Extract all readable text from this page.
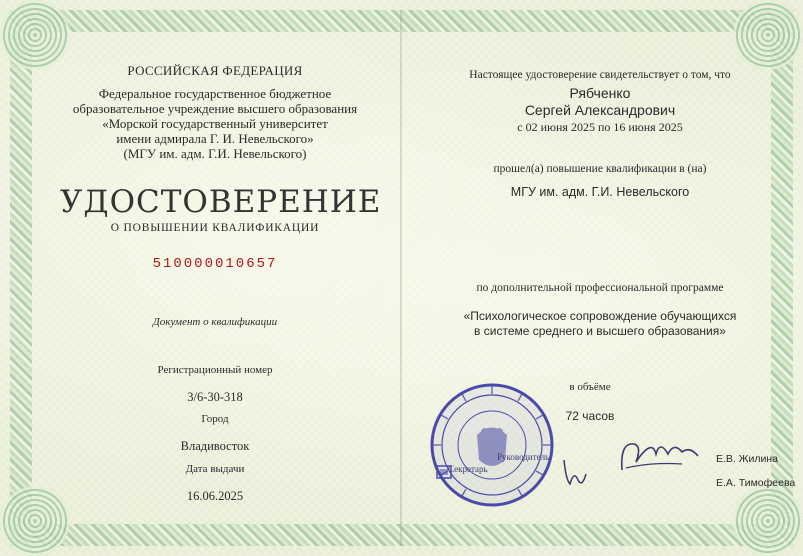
РОССИЙСКАЯ ФЕДЕРАЦИЯ
Федеральное государственное бюджетное
образовательное учреждение высшего образования
«Морской государственный университет
имени адмирала Г. И. Невельского»
(МГУ им. адм. Г.И. Невельского)
УДОСТОВЕРЕНИЕ
О ПОВЫШЕНИИ КВАЛИФИКАЦИИ
510000010657
Документ о квалификации
Регистрационный номер
3/6-30-318
Город
Владивосток
Дата выдачи
16.06.2025
Настоящее удостоверение свидетельствует о том, что
Рябченко
Сергей Александрович
с 02 июня 2025 по 16 июня 2025
прошел(а) повышение квалификации в (на)
МГУ им. адм. Г.И. Невельского
по дополнительной профессиональной программе
«Психологическое сопровождение обучающихся
в системе среднего и высшего образования»
в объёме
72 часов
Секретарь
Руководитель	Е.В. Жилина
Е.А. Тимофеева
